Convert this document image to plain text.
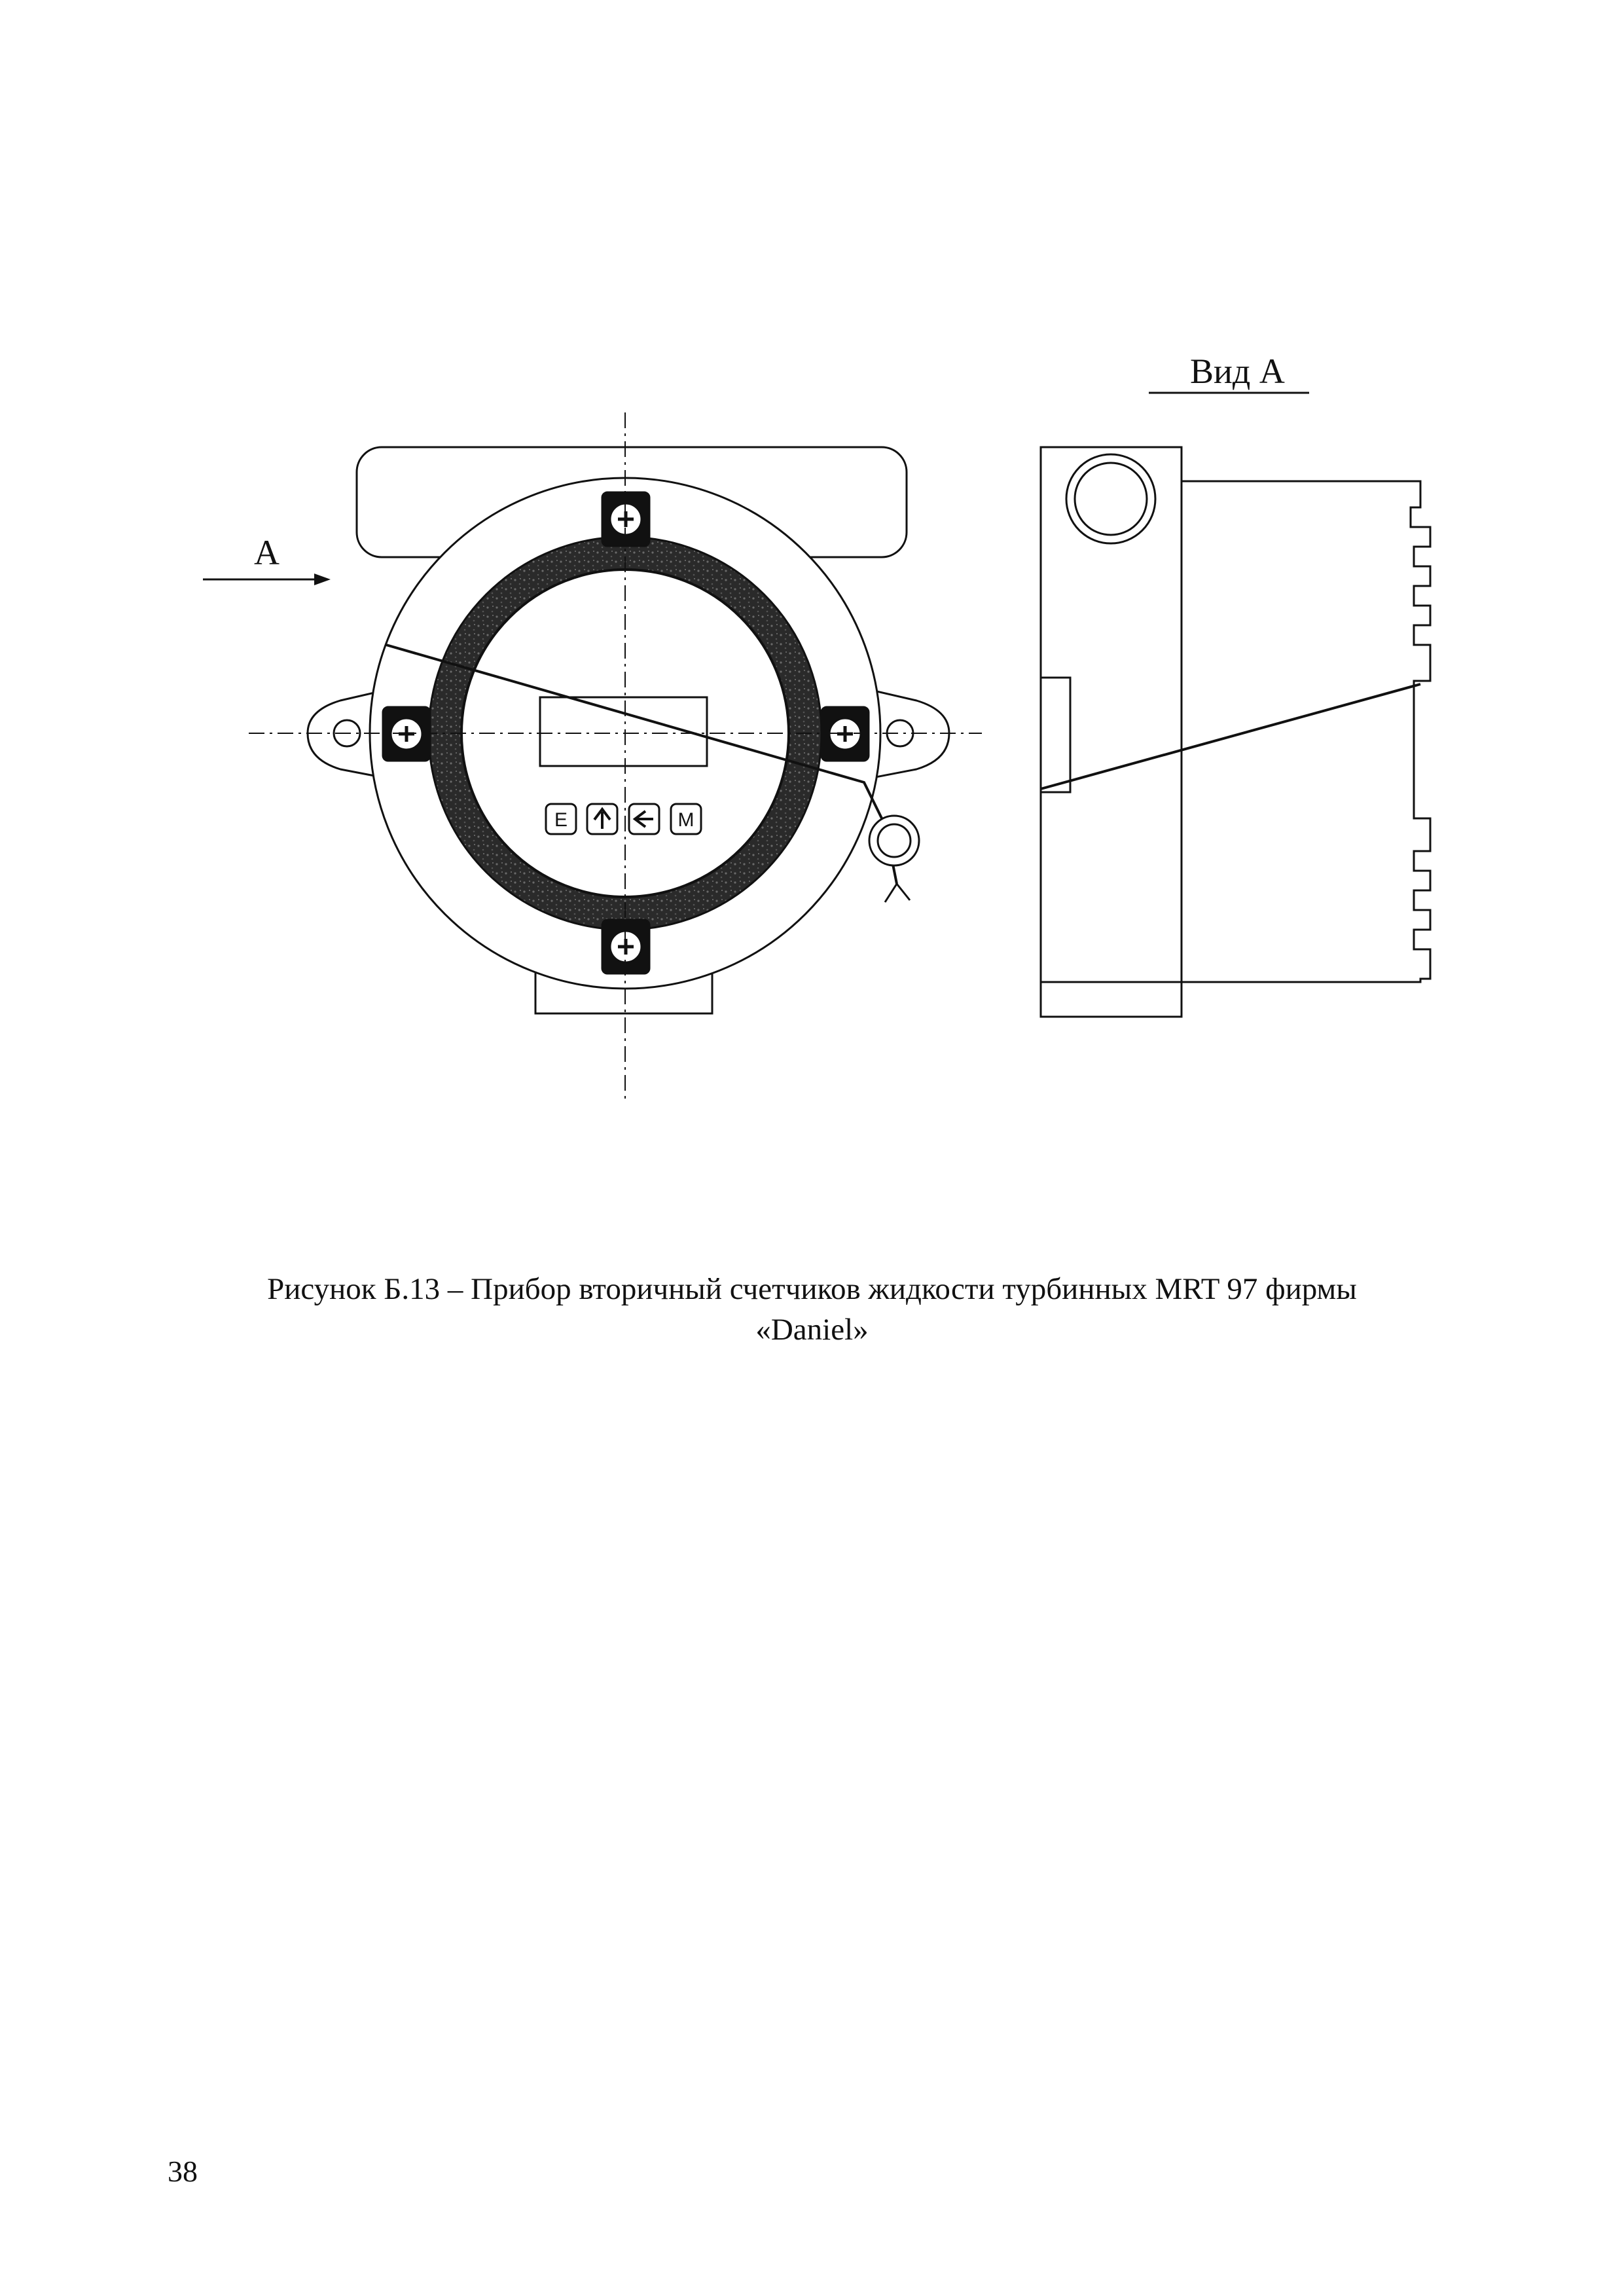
E	M
А
Вид А
Рисунок Б.13 – Прибор вторичный счетчиков жидкости турбинных MRT 97 фирмы
«Daniel»
38
